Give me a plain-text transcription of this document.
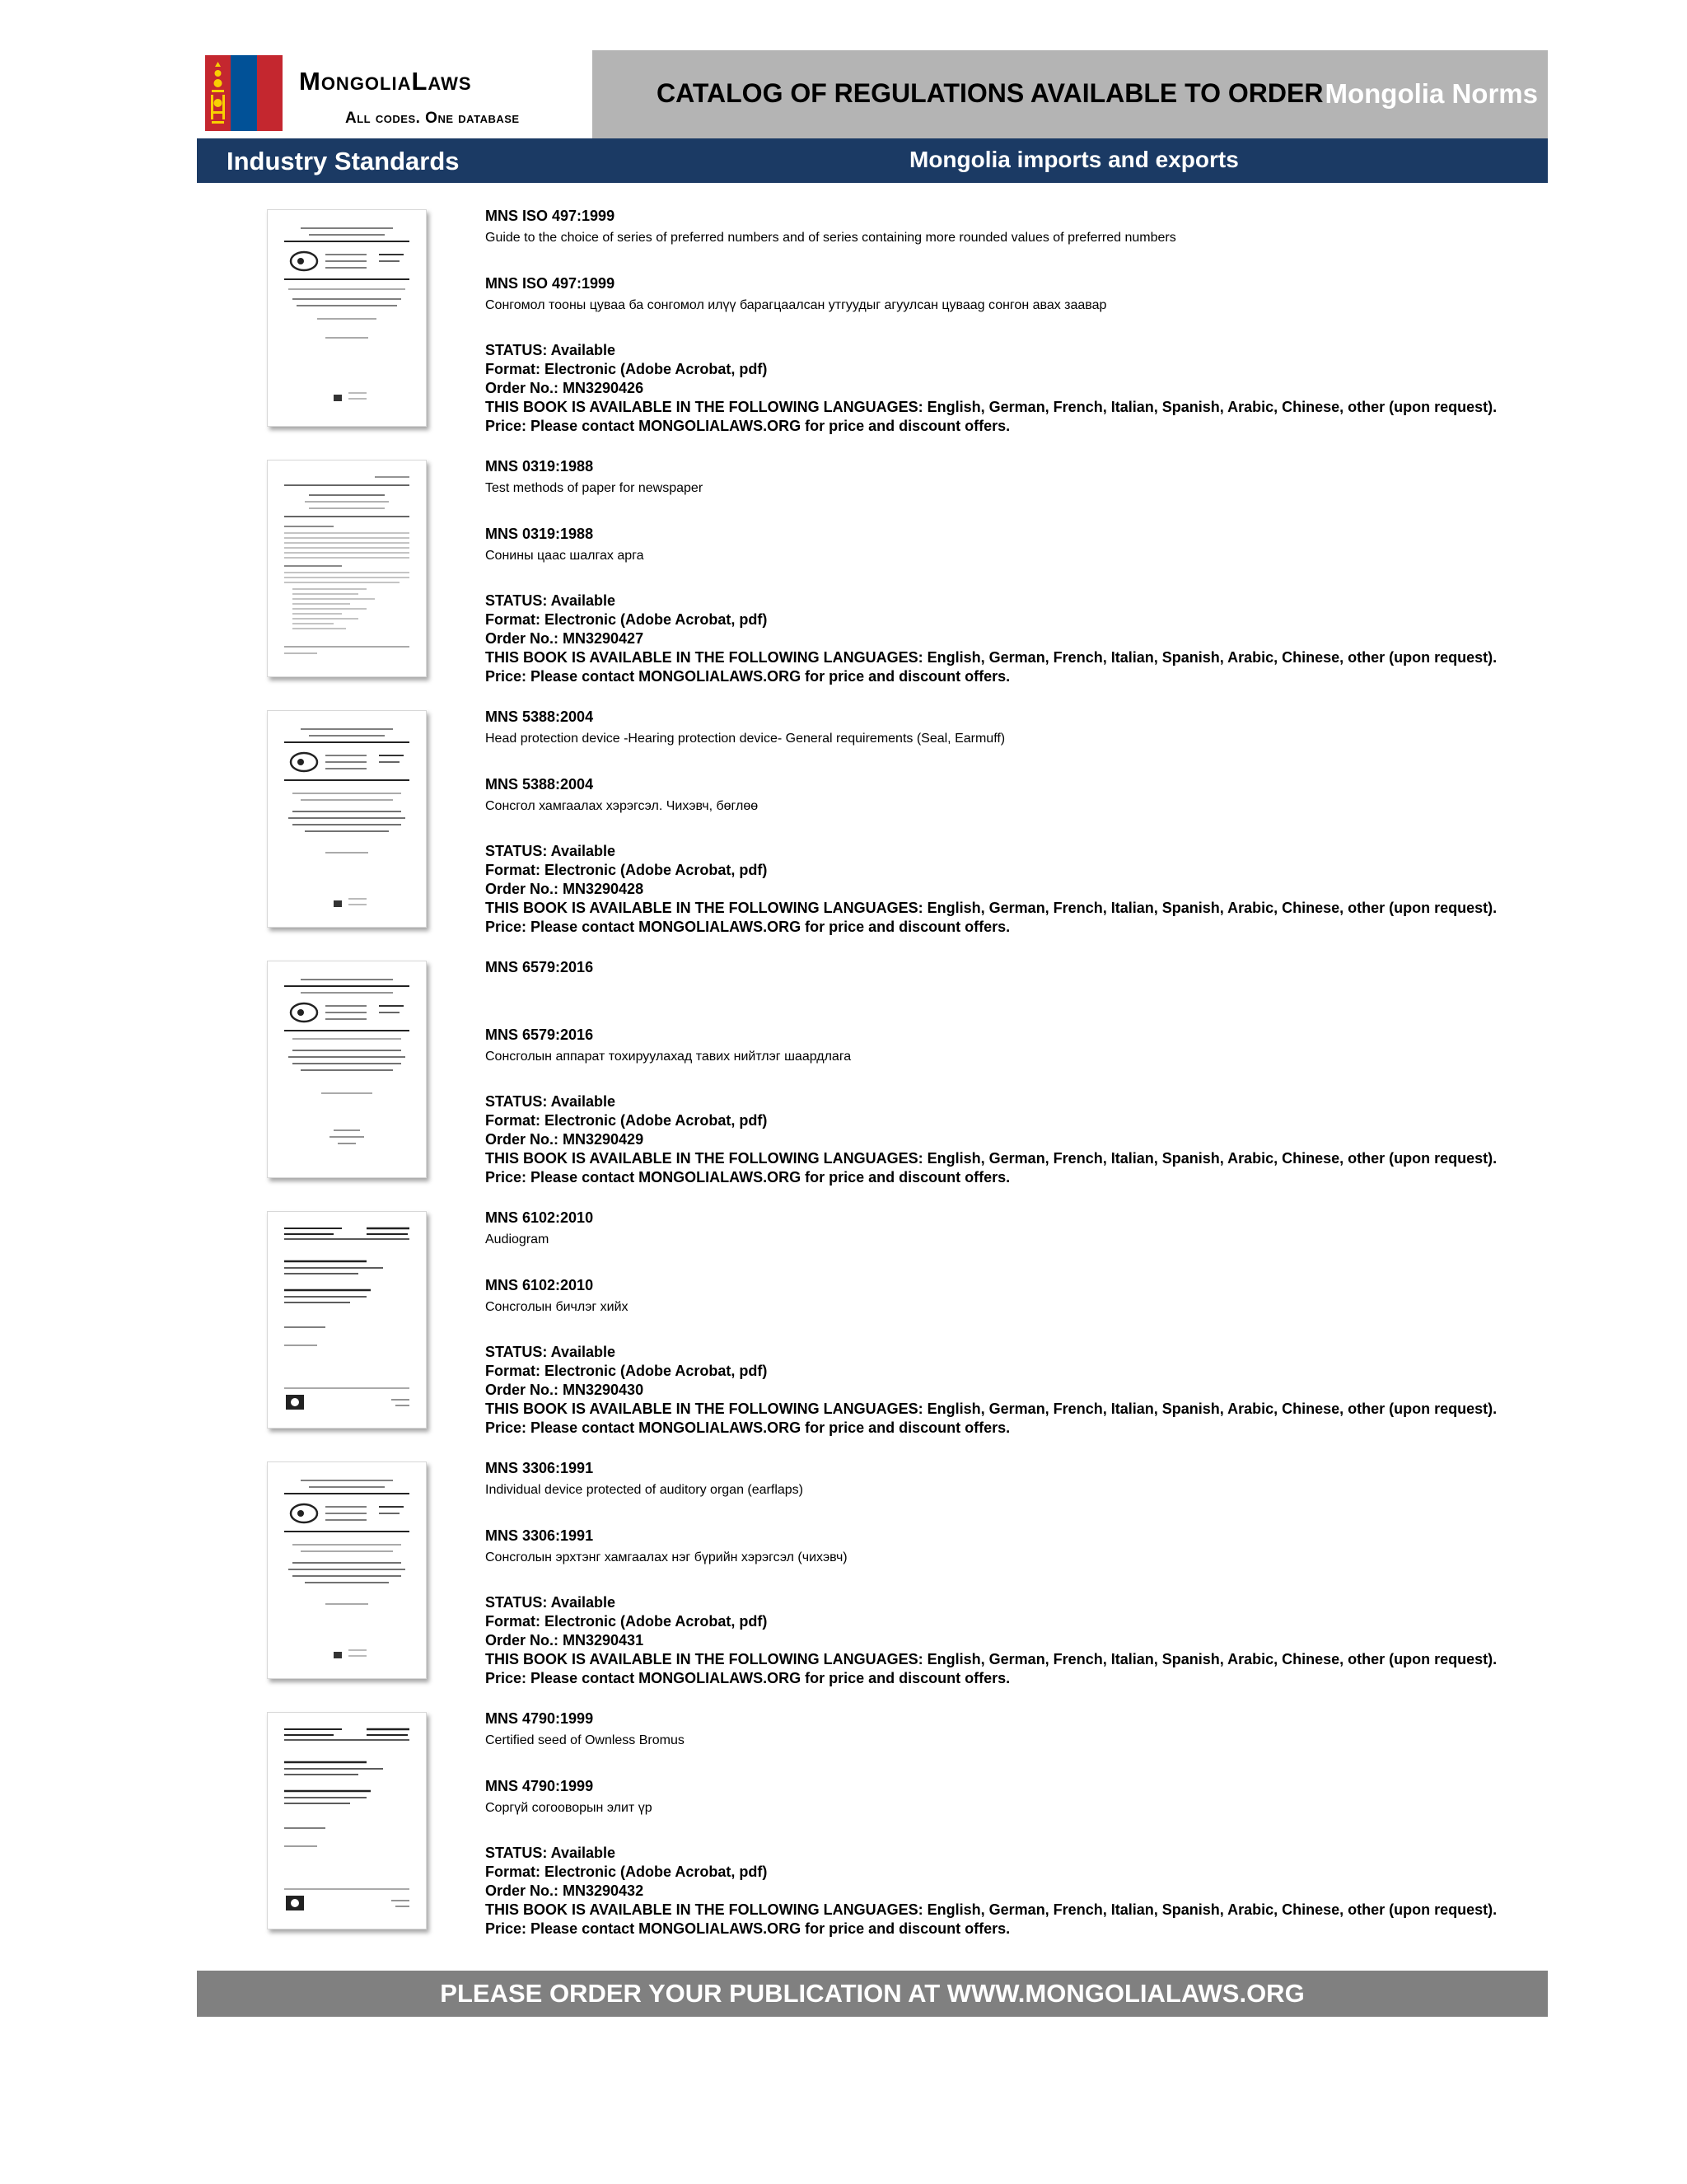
MongoliaLaws
All codes. One database
CATALOG OF REGULATIONS AVAILABLE TO ORDER Mongolia Norms
Industry Standards	Mongolia imports and exports
MNS ISO 497:1999
Guide to the choice of series of preferred numbers and of series containing more rounded values of preferred numbers
MNS ISO 497:1999
Сонгомол тооны цуваа ба сонгомол илүү барагцаалсан утгуудыг агуулсан цуваag сонгон авах заавар
STATUS: Available
Format: Electronic (Adobe Acrobat, pdf)
Order No.: MN3290426
THIS BOOK IS AVAILABLE IN THE FOLLOWING LANGUAGES: English, German, French, Italian, Spanish, Arabic, Chinese, other (upon request).
Price: Please contact MONGOLIALAWS.ORG for price and discount offers.
MNS 0319:1988
Test methods of paper for newspaper
MNS 0319:1988
Сонины цаас шалгах арга
STATUS: Available
Format: Electronic (Adobe Acrobat, pdf)
Order No.: MN3290427
THIS BOOK IS AVAILABLE IN THE FOLLOWING LANGUAGES: English, German, French, Italian, Spanish, Arabic, Chinese, other (upon request).
Price: Please contact MONGOLIALAWS.ORG for price and discount offers.
MNS 5388:2004
Head protection device -Hearing protection device- General requirements (Seal, Earmuff)
MNS 5388:2004
Сонсгол хамгаалах хэрэгсэл. Чихэвч, бөглөө
STATUS: Available
Format: Electronic (Adobe Acrobat, pdf)
Order No.: MN3290428
THIS BOOK IS AVAILABLE IN THE FOLLOWING LANGUAGES: English, German, French, Italian, Spanish, Arabic, Chinese, other (upon request).
Price: Please contact MONGOLIALAWS.ORG for price and discount offers.
MNS 6579:2016
MNS 6579:2016
Сонсголын аппарат тохируулахад тавих нийтлэг шаардлага
STATUS: Available
Format: Electronic (Adobe Acrobat, pdf)
Order No.: MN3290429
THIS BOOK IS AVAILABLE IN THE FOLLOWING LANGUAGES: English, German, French, Italian, Spanish, Arabic, Chinese, other (upon request).
Price: Please contact MONGOLIALAWS.ORG for price and discount offers.
MNS 6102:2010
Audiogram
MNS 6102:2010
Сонсголын бичлэг хийх
STATUS: Available
Format: Electronic (Adobe Acrobat, pdf)
Order No.: MN3290430
THIS BOOK IS AVAILABLE IN THE FOLLOWING LANGUAGES: English, German, French, Italian, Spanish, Arabic, Chinese, other (upon request).
Price: Please contact MONGOLIALAWS.ORG for price and discount offers.
MNS 3306:1991
Individual device protected of auditory organ (earflaps)
MNS 3306:1991
Сонсголын эрхтэнг хамгаалах нэг бүрийн хэрэгсэл (чихэвч)
STATUS: Available
Format: Electronic (Adobe Acrobat, pdf)
Order No.: MN3290431
THIS BOOK IS AVAILABLE IN THE FOLLOWING LANGUAGES: English, German, French, Italian, Spanish, Arabic, Chinese, other (upon request).
Price: Please contact MONGOLIALAWS.ORG for price and discount offers.
MNS 4790:1999
Certified seed of Ownless Bromus
MNS 4790:1999
Соргүй согооворын элит үр
STATUS: Available
Format: Electronic (Adobe Acrobat, pdf)
Order No.: MN3290432
THIS BOOK IS AVAILABLE IN THE FOLLOWING LANGUAGES: English, German, French, Italian, Spanish, Arabic, Chinese, other (upon request).
Price: Please contact MONGOLIALAWS.ORG for price and discount offers.
PLEASE ORDER YOUR PUBLICATION AT WWW.MONGOLIALAWS.ORG
